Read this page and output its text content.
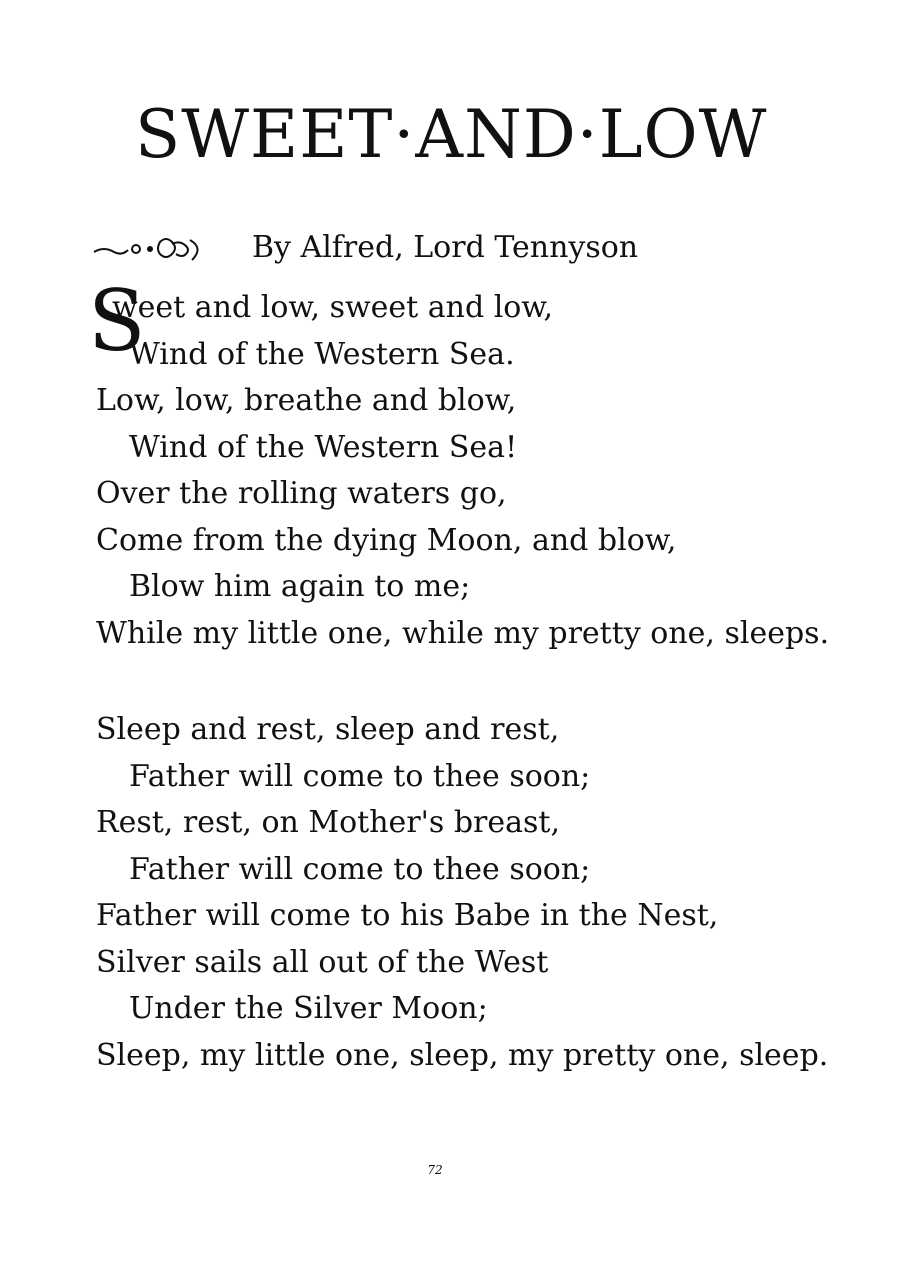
SWEET·AND·LOW
By Alfred, Lord Tennyson
S
weet and low, sweet and low,
Wind of the Western Sea.
Low, low, breathe and blow,
Wind of the Western Sea!
Over the rolling waters go,
Come from the dying Moon, and blow,
Blow him again to me;
While my little one, while my pretty one, sleeps.
Sleep and rest, sleep and rest,
Father will come to thee soon;
Rest, rest, on Mother's breast,
Father will come to thee soon;
Father will come to his Babe in the Nest,
Silver sails all out of the West
Under the Silver Moon;
Sleep, my little one, sleep, my pretty one, sleep.
72
